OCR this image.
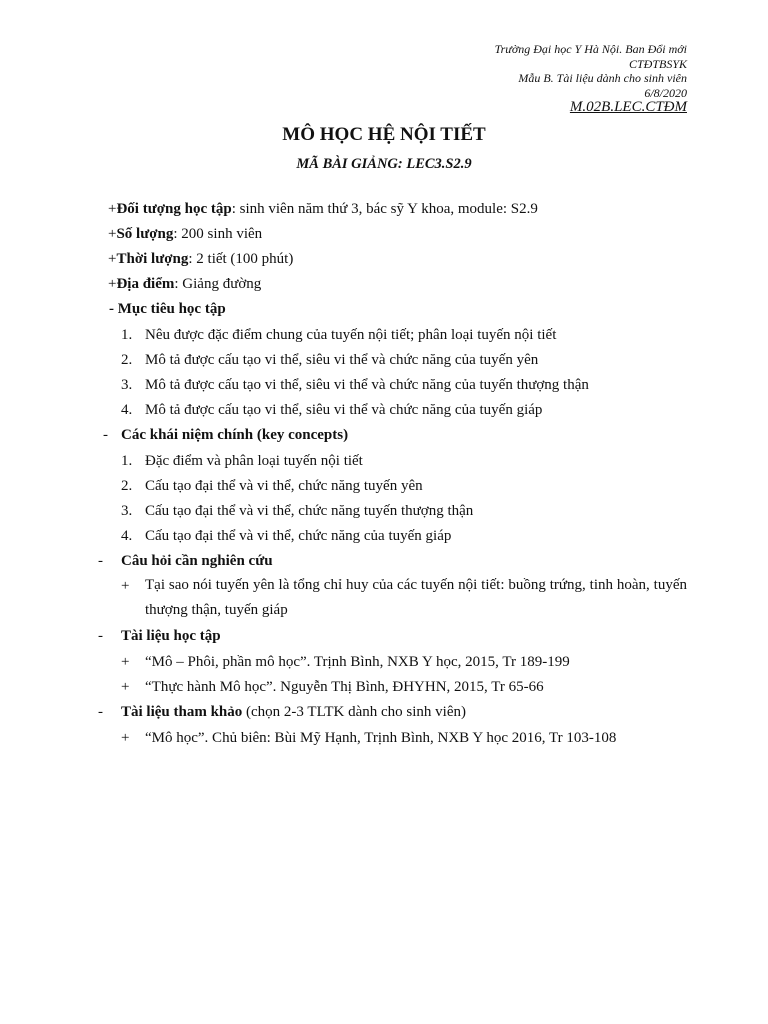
Trường Đại học Y Hà Nội. Ban Đổi mới
CTĐTBSYK
Mẫu B. Tài liệu dành cho sinh viên
6/8/2020
M.02B.LEC.CTĐM
MÔ HỌC HỆ NỘI TIẾT
MÃ BÀI GIẢNG: LEC3.S2.9
+Đối tượng học tập: sinh viên năm thứ 3, bác sỹ Y khoa, module: S2.9
+Số lượng: 200 sinh viên
+Thời lượng: 2 tiết (100 phút)
+Địa điểm: Giảng đường
- Mục tiêu học tập
1. Nêu được đặc điểm chung của tuyến nội tiết; phân loại tuyến nội tiết
2. Mô tả được cấu tạo vi thể, siêu vi thể và chức năng của tuyến yên
3. Mô tả được cấu tạo vi thể, siêu vi thể và chức năng của tuyến thượng thận
4. Mô tả được cấu tạo vi thể, siêu vi thể và chức năng của tuyến giáp
- Các khái niệm chính (key concepts)
1. Đặc điểm và phân loại tuyến nội tiết
2. Cấu tạo đại thể và vi thể, chức năng tuyến yên
3. Cấu tạo đại thể và vi thể, chức năng tuyến thượng thận
4. Cấu tạo đại thể và vi thể, chức năng của tuyến giáp
- Câu hỏi cần nghiên cứu
+ Tại sao nói tuyến yên là tổng chỉ huy của các tuyến nội tiết: buồng trứng, tinh hoàn, tuyến thượng thận, tuyến giáp
- Tài liệu học tập
+ “Mô – Phôi, phần mô học”. Trịnh Bình, NXB Y học, 2015, Tr 189-199
+ “Thực hành Mô học”. Nguyễn Thị Bình, ĐHYHN, 2015, Tr 65-66
- Tài liệu tham khảo (chọn 2-3 TLTK dành cho sinh viên)
+ “Mô học”. Chủ biên: Bùi Mỹ Hạnh, Trịnh Bình, NXB Y học 2016, Tr 103-108
